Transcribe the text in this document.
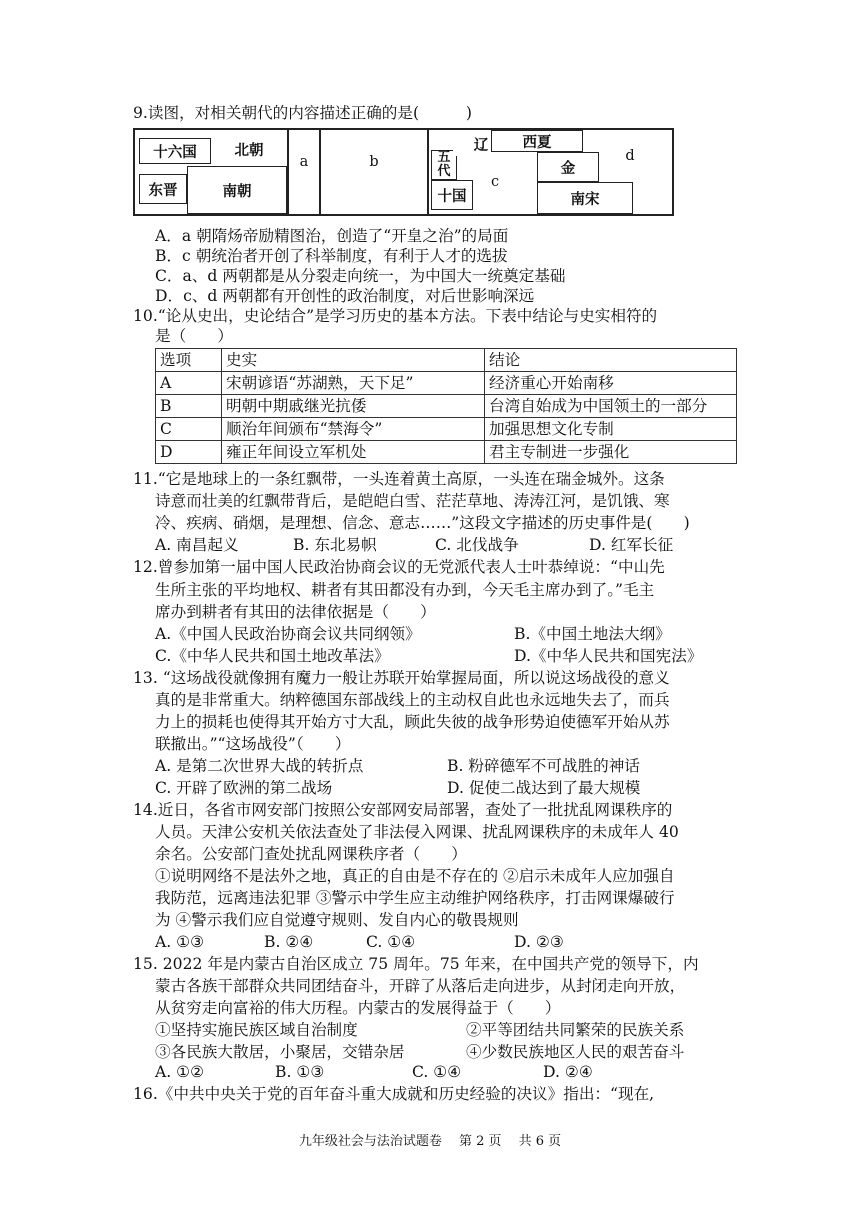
9.读图，对相关朝代的内容描述正确的是(　　　)
十六国	北朝
东晋	南朝
a	b	五
代
十国
c
辽	西夏
金
南宋
d
A．a 朝隋炀帝励精图治，创造了“开皇之治”的局面
B．c 朝统治者开创了科举制度，有利于人才的选拔
C．a、d 两朝都是从分裂走向统一，为中国大一统奠定基础
D．c、d 两朝都有开创性的政治制度，对后世影响深远
10.“论从史出，史论结合”是学习历史的基本方法。下表中结论与史实相符的
是（　　）
选项	史实	结论
A	宋朝谚语“苏湖熟，天下足”	经济重心开始南移
B	明朝中期戚继光抗倭	台湾自始成为中国领土的一部分
C	顺治年间颁布“禁海令”	加强思想文化专制
D	雍正年间设立军机处	君主专制进一步强化
11.“它是地球上的一条红飘带，一头连着黄土高原，一头连在瑞金城外。这条
诗意而壮美的红飘带背后，是皑皑白雪、茫茫草地、涛涛江河，是饥饿、寒
冷、疾病、硝烟，是理想、信念、意志……”这段文字描述的历史事件是(　　)
A. 南昌起义	B. 东北易帜	C. 北伐战争	D. 红军长征
12.曾参加第一届中国人民政治协商会议的无党派代表人士叶恭绰说：“中山先
生所主张的平均地权、耕者有其田都没有办到，今天毛主席办到了。”毛主
席办到耕者有其田的法律依据是（　　）
A.《中国人民政治协商会议共同纲领》	B.《中国土地法大纲》
C.《中华人民共和国土地改革法》	D.《中华人民共和国宪法》
13. “这场战役就像拥有魔力一般让苏联开始掌握局面，所以说这场战役的意义
真的是非常重大。纳粹德国东部战线上的主动权自此也永远地失去了，而兵
力上的损耗也使得其开始方寸大乱，顾此失彼的战争形势迫使德军开始从苏
联撤出。”“这场战役”（　　）
A. 是第二次世界大战的转折点	B. 粉碎德军不可战胜的神话
C. 开辟了欧洲的第二战场	D. 促使二战达到了最大规模
14.近日，各省市网安部门按照公安部网安局部署，查处了一批扰乱网课秩序的
人员。天津公安机关依法查处了非法侵入网课、扰乱网课秩序的未成年人 40
余名。公安部门查处扰乱网课秩序者（　　）
①说明网络不是法外之地，真正的自由是不存在的 ②启示未成年人应加强自
我防范，远离违法犯罪 ③警示中学生应主动维护网络秩序，打击网课爆破行
为 ④警示我们应自觉遵守规则、发自内心的敬畏规则
A. ①③	B. ②④	C. ①④	D. ②③
15. 2022 年是内蒙古自治区成立 75 周年。75 年来，在中国共产党的领导下，内
蒙古各族干部群众共同团结奋斗，开辟了从落后走向进步，从封闭走向开放，
从贫穷走向富裕的伟大历程。内蒙古的发展得益于（　　）
①坚持实施民族区域自治制度	②平等团结共同繁荣的民族关系
③各民族大散居，小聚居，交错杂居	④少数民族地区人民的艰苦奋斗
A. ①②	B. ①③	C. ①④	D. ②④
16.《中共中央关于党的百年奋斗重大成就和历史经验的决议》指出：“现在,
九年级社会与法治试题卷　 第 2 页　 共 6 页
